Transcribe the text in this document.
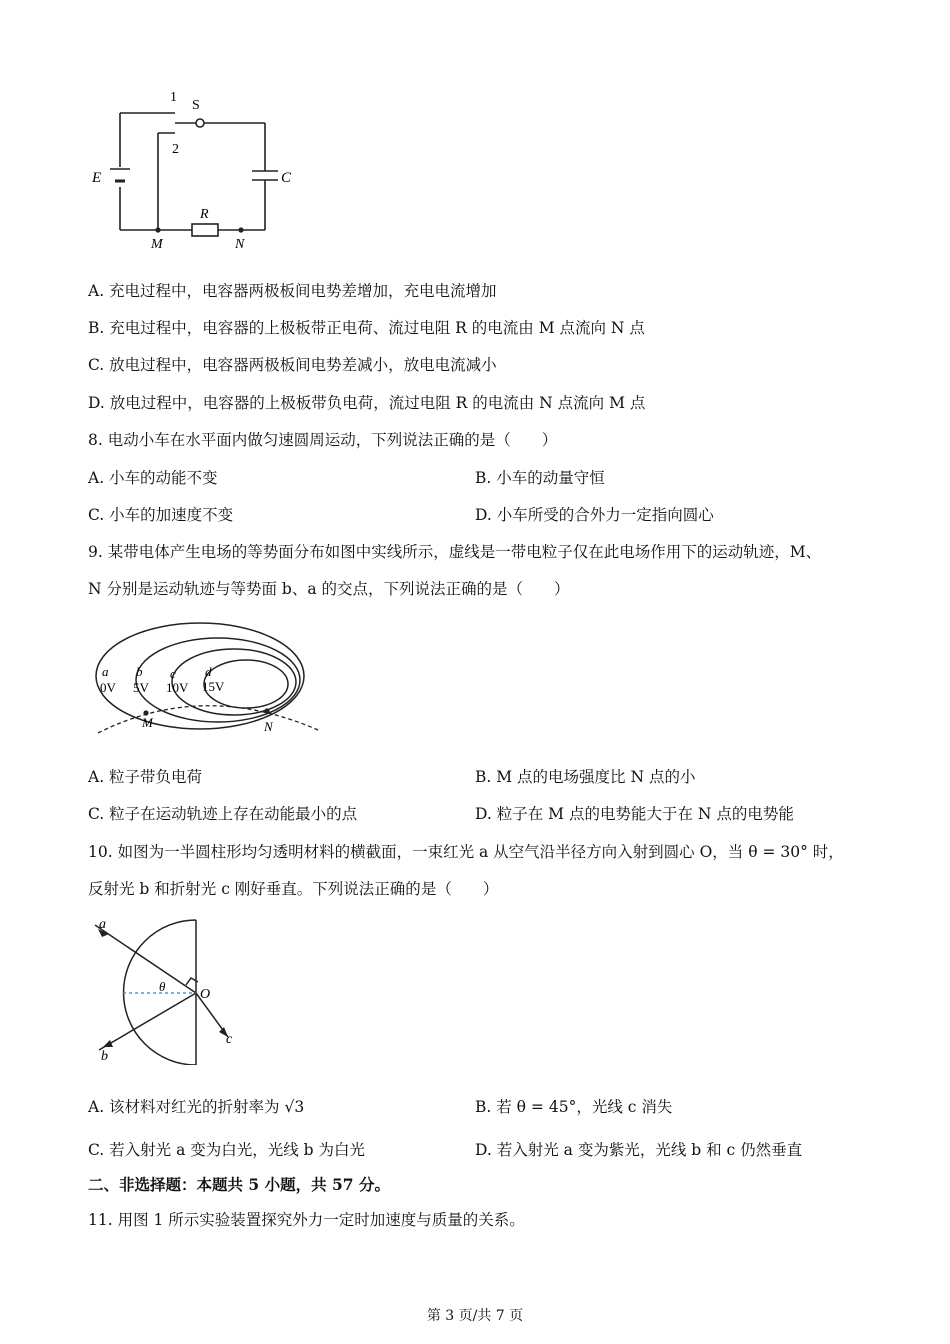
E	C
R
M	N
1
2
S
A. 充电过程中，电容器两极板间电势差增加，充电电流增加
B. 充电过程中，电容器的上极板带正电荷、流过电阻 R 的电流由 M 点流向 N 点
C. 放电过程中，电容器两极板间电势差减小，放电电流减小
D. 放电过程中，电容器的上极板带负电荷，流过电阻 R 的电流由 N 点流向 M 点
8. 电动小车在水平面内做匀速圆周运动，下列说法正确的是（　　）
A. 小车的动能不变	B. 小车的动量守恒
C. 小车的加速度不变	D. 小车所受的合外力一定指向圆心
9. 某带电体产生电场的等势面分布如图中实线所示，虚线是一带电粒子仅在此电场作用下的运动轨迹，M、
N 分别是运动轨迹与等势面 b、a 的交点，下列说法正确的是（　　）
a
0V
b
5V
c
10V
d
15V
M	N
A. 粒子带负电荷	B. M 点的电场强度比 N 点的小
C. 粒子在运动轨迹上存在动能最小的点	D. 粒子在 M 点的电势能大于在 N 点的电势能
10. 如图为一半圆柱形均匀透明材料的横截面，一束红光 a 从空气沿半径方向入射到圆心 O，当 θ = 30° 时，
反射光 b 和折射光 c 刚好垂直。下列说法正确的是（　　）
a
b
c
θ
O
A. 该材料对红光的折射率为 √3	B. 若 θ = 45°，光线 c 消失
C. 若入射光 a 变为白光，光线 b 为白光	D. 若入射光 a 变为紫光，光线 b 和 c 仍然垂直
二、非选择题：本题共 5 小题，共 57 分。
11. 用图 1 所示实验装置探究外力一定时加速度与质量的关系。
第 3 页/共 7 页
